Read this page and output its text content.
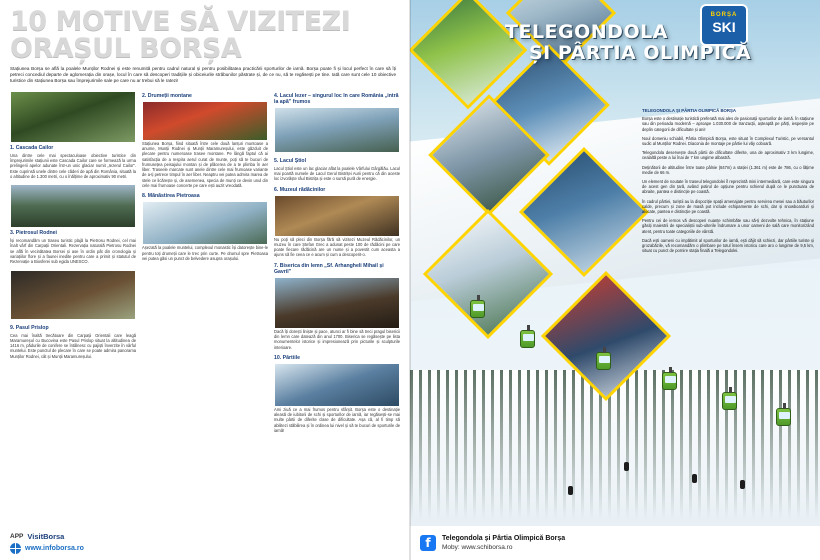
10 MOTIVE SĂ VIZITEZI
ORAȘUL BORȘA
Stațiunea Borșa se află la poalele Munților Rodnei și este renumită pentru cadrul natural și pentru posibilitatea practicării sporturilor de iarnă. Borșa poate fi și locul perfect în care să îți petreci concediul departe de aglomerația din orașe, locul în care să descoperi tradițiile și obiceiurile străbunilor păstrate și, de ce nu, să te regăsești pe tine. Iată care sunt cele 10 obiective turistice din stațiunea Borșa sau împrejurimile sale pe care nu ar trebui să le ratezi!
1. Cascada Cailor
Una dintre cele mai spectaculoase obiective turistice din împrejurimile stațiunii este Cascada Cailor care se formează la urma prelingerii apelor adunate într-un unic glaciar numit „Iezerul Cailor”. Este cuprinsă unele dintre cele căderi de apă din România, situată la o altitudine de 1.300 metri, cu o înălțime de aproximativ 90 metri.
3. Pietrosul Rodnei
Își recomandăm un traseu turistic plajă la Pietrosu Rodnei, cel mai înalt vârf din Carpații Orientali. Rezervația naturală Pietrosu Rodnei se află în vecinătatea Borsei și ase în ordin pât din cronologia și variațiilor flore și a faunei inedite pentru care a primit și statutul de Rezervație a Biosferei sub egida UNESCO.
9. Pasul Prislop
Cea mai înaltă trecătoare din Carpații Orientali care leagă Maramureșul cu Bucovina este Pasul Prislop situat la altitudinea de 1416 m, pădurile de conifere se întâlnesc cu pajiști înverzite în vârful muntelui. Este punctul de plecare în care se poate admira panorama Munților Rodnei, cât și Munții Maramureșului.
2. Drumeții montane
Stațiunea Borșa, fiind situată între cele două lanțuri muntoase a anume, Munții Rodnei și Munții Maramureșului, este găzduit de plecare pentru numeroase trasee montane. Pe lângă faptul că ai satisfacția de a respira aerul curat de munte, poți să te bucuri de frumusețea peisajului montan și de plăcerea de a te plimba în aer liber. Traseele marcate sunt anele dintre cele mai frumoase variante de a-ți petrece timpul în aer liber. Neaptru vei putea admira marea de stele ce licărește și, de asemenea, specia de munți ce devin unul din cele mai frumoase concerte pe care ești auzit vreodată.
8. Mănăstirea Pietroasa
Așezată la poalele muntelui, complexul monastic își datorește bine-le pentru toți drumeții care le trec prin curte. Pe drumul spre Pietroasa vei putea găsi un punct de belvedere asupra orașului.
4. Lacul Iezer – singurul loc în care România „intră la apă” frumos
5. Lacul Știol
Lacul Știol este un lac glaciar aflat la poalele Vârfului Gârgălău. Lacul mai poartă numele de Lacul Gerul Bistriței Aurii pentru că din aceste loc izvorăște râul Bistrița și este o sursă pură de energie.
6. Muzeul rădăcinilor
Nu poți să pleci din Borșa fără să vizitezi Muzeul Rădăcinilor, un muzeu în care Ștefan Grec a adunat peste 100 de rădăcini pe care poate fiecare rădăcină are un nume și a povestit cum aceasta a ajuns să fie ceea ce e acum și cum a descoperit-o.
7. Biserica din lemn „Sf. Arhangheli Mihail și Gavril”
Dacă îți dorești liniște și pace, atunci ar fi bine să treci pragul bisericii din lemn care datează din anul 1700. Biserica se regăsește pe lista monumentelor istorice și impresionează prin picturile și sculpturile interioare.
10. Pârtiile
Ami ziuă ce a mai frumos pentru sfârșit. Borșa este o destinație aleasă de iubitorii de schi și sporturilor de iarnă, iar regăsești-se mai multe pârtii de diferite clase de dificultate. Așa că, al fi timp să abilitezi stăbilirea și în ordinea lui nivel și să te bucuri de sporturile de iarnă!
APP VisitBorsa
www.infoborsa.ro
BORȘA
SKI
TELEGONDOLA
ȘI PÂRTIA OLIMPICĂ
TELEGONDOLA ȘI PÂRTIA OLIMPICĂ BORȘA

Borșa este o destinație turistică preferată mai ales de pasionații sporturilor de iarnă. În stațiune sau din perioada modernă – aproape 1.030.000 de tranzacții, așteaptă pe părți, iespeșite pe deplin categorii de dificultate și ani!

Noul domeniu schiabil, Pârtia Olimpică Borșa, este situat în Complexul Turistic, pe versantul sudic al Munților Rodnei. Diaconia de montaje pe pârtie lui văy coboară.

Telegondola deservește două pârtii de dificultate diferite, una de aproximativ 3 km lungime, cealaltă peste a lui înai de 7 km ungime albastră.

Deținătorii de altitudine între toate pâlnie (847m) a stației (1.361 m) este de 786, cu o lățime medie de 66 m.

Un element de noutate în traseul telegondolei îl reprezintă mini intermediară, care este singura de acest gen din țară, având potirul de opțiune pentru schierul după ce le punctuara de abraite, pantea e distincție pe coastă.

În cadrul pârtiei, turiștii au la dispoziție spații amenajate pentru servirea mesei sau a băuturilor calde, precum și zone de masă pot include echipamente de schi, dar și snowboarduri și alocate, pantea e distincție pe coastă.

Pentru cei de iernos vă descoperi nuanțe schimbăte sau să-ți dezvolte tehnica, în stațiune găsiți maiestrii de specialiștii sub-ulterile îndrumare a unor oameni de sală care monitorizând atent, pentru toate categoriile de vârstă.

Dacă ești oameni cu impătimit al sporturilor de iarnă, ești dăjit să schiezi, dar pârtiile turiste și grozabăzile, vă recomandăm o plimbare pe totul însem istoricu care aro o lungime de 9,5 km, situat cu punct de pornire stația finală a Telegondolei.

f	Telegondola și Pârtia Olimpică Borșa
Moby: www.schiborsa.ro
